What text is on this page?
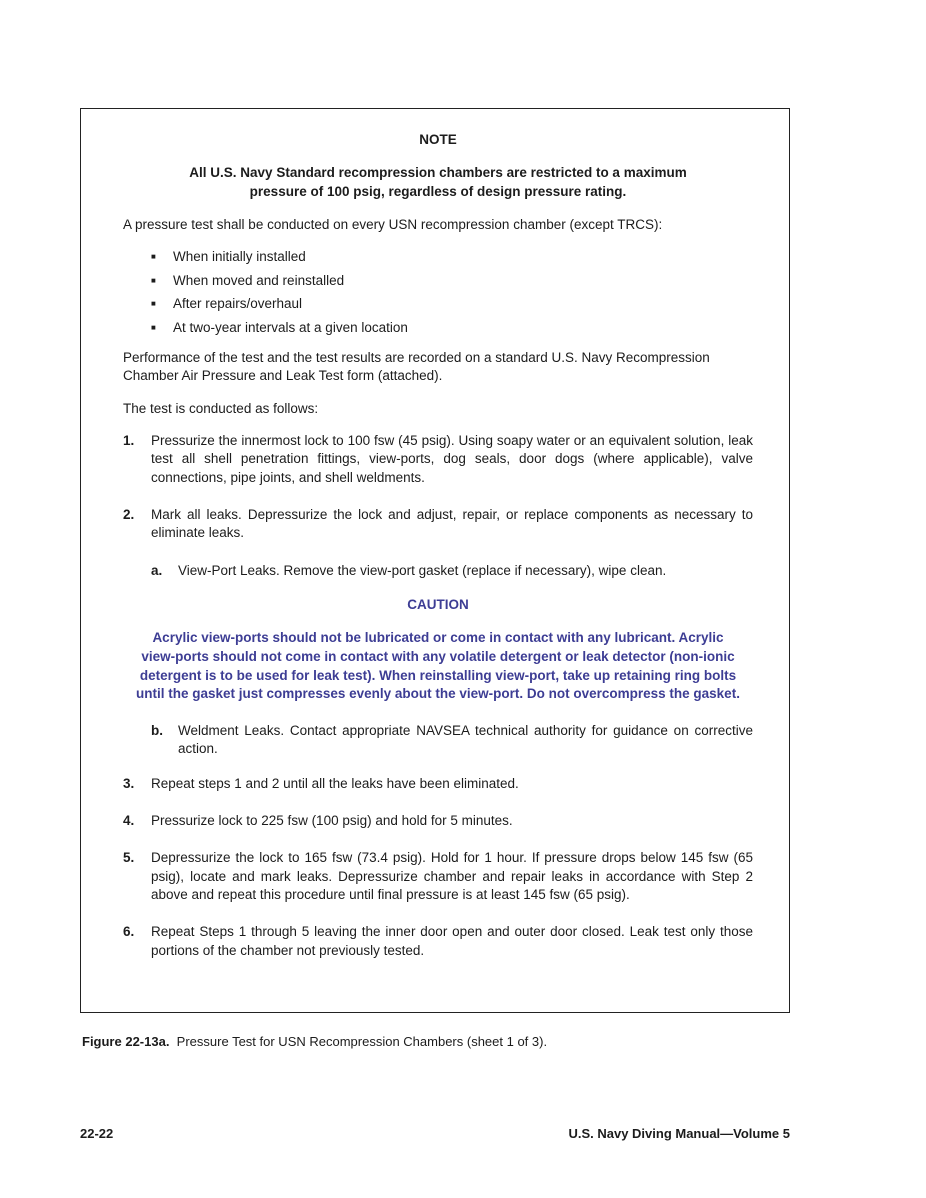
NOTE

All U.S. Navy Standard recompression chambers are restricted to a maximum pressure of 100 psig, regardless of design pressure rating.

A pressure test shall be conducted on every USN recompression chamber (except TRCS):

■	When initially installed
■	When moved and reinstalled
■	After repairs/overhaul
■	At two-year intervals at a given location

Performance of the test and the test results are recorded on a standard U.S. Navy Recompression Chamber Air Pressure and Leak Test form (attached).

The test is conducted as follows:

1.	Pressurize the innermost lock to 100 fsw (45 psig). Using soapy water or an equivalent solution, leak test all shell penetration fittings, view-ports, dog seals, door dogs (where applicable), valve connections, pipe joints, and shell weldments.
2.	Mark all leaks. Depressurize the lock and adjust, repair, or replace components as necessary to eliminate leaks.
a.	View-Port Leaks. Remove the view-port gasket (replace if necessary), wipe clean.
CAUTION

Acrylic view-ports should not be lubricated or come in contact with any lubricant. Acrylic view-ports should not come in contact with any volatile detergent or leak detector (non-ionic detergent is to be used for leak test). When reinstalling view-port, take up retaining ring bolts until the gasket just compresses evenly about the view-port. Do not overcompress the gasket.

b.	Weldment Leaks. Contact appropriate NAVSEA technical authority for guidance on corrective action.
3.	Repeat steps 1 and 2 until all the leaks have been eliminated.
4.	Pressurize lock to 225 fsw (100 psig) and hold for 5 minutes.
5.	Depressurize the lock to 165 fsw (73.4 psig). Hold for 1 hour. If pressure drops below 145 fsw (65 psig), locate and mark leaks. Depressurize chamber and repair leaks in accordance with Step 2 above and repeat this procedure until final pressure is at least 145 fsw (65 psig).
6.	Repeat Steps 1 through 5 leaving the inner door open and outer door closed. Leak test only those portions of the chamber not previously tested.

Figure 22-13a. Pressure Test for USN Recompression Chambers (sheet 1 of 3).

22-22	U.S. Navy Diving Manual—Volume 5
